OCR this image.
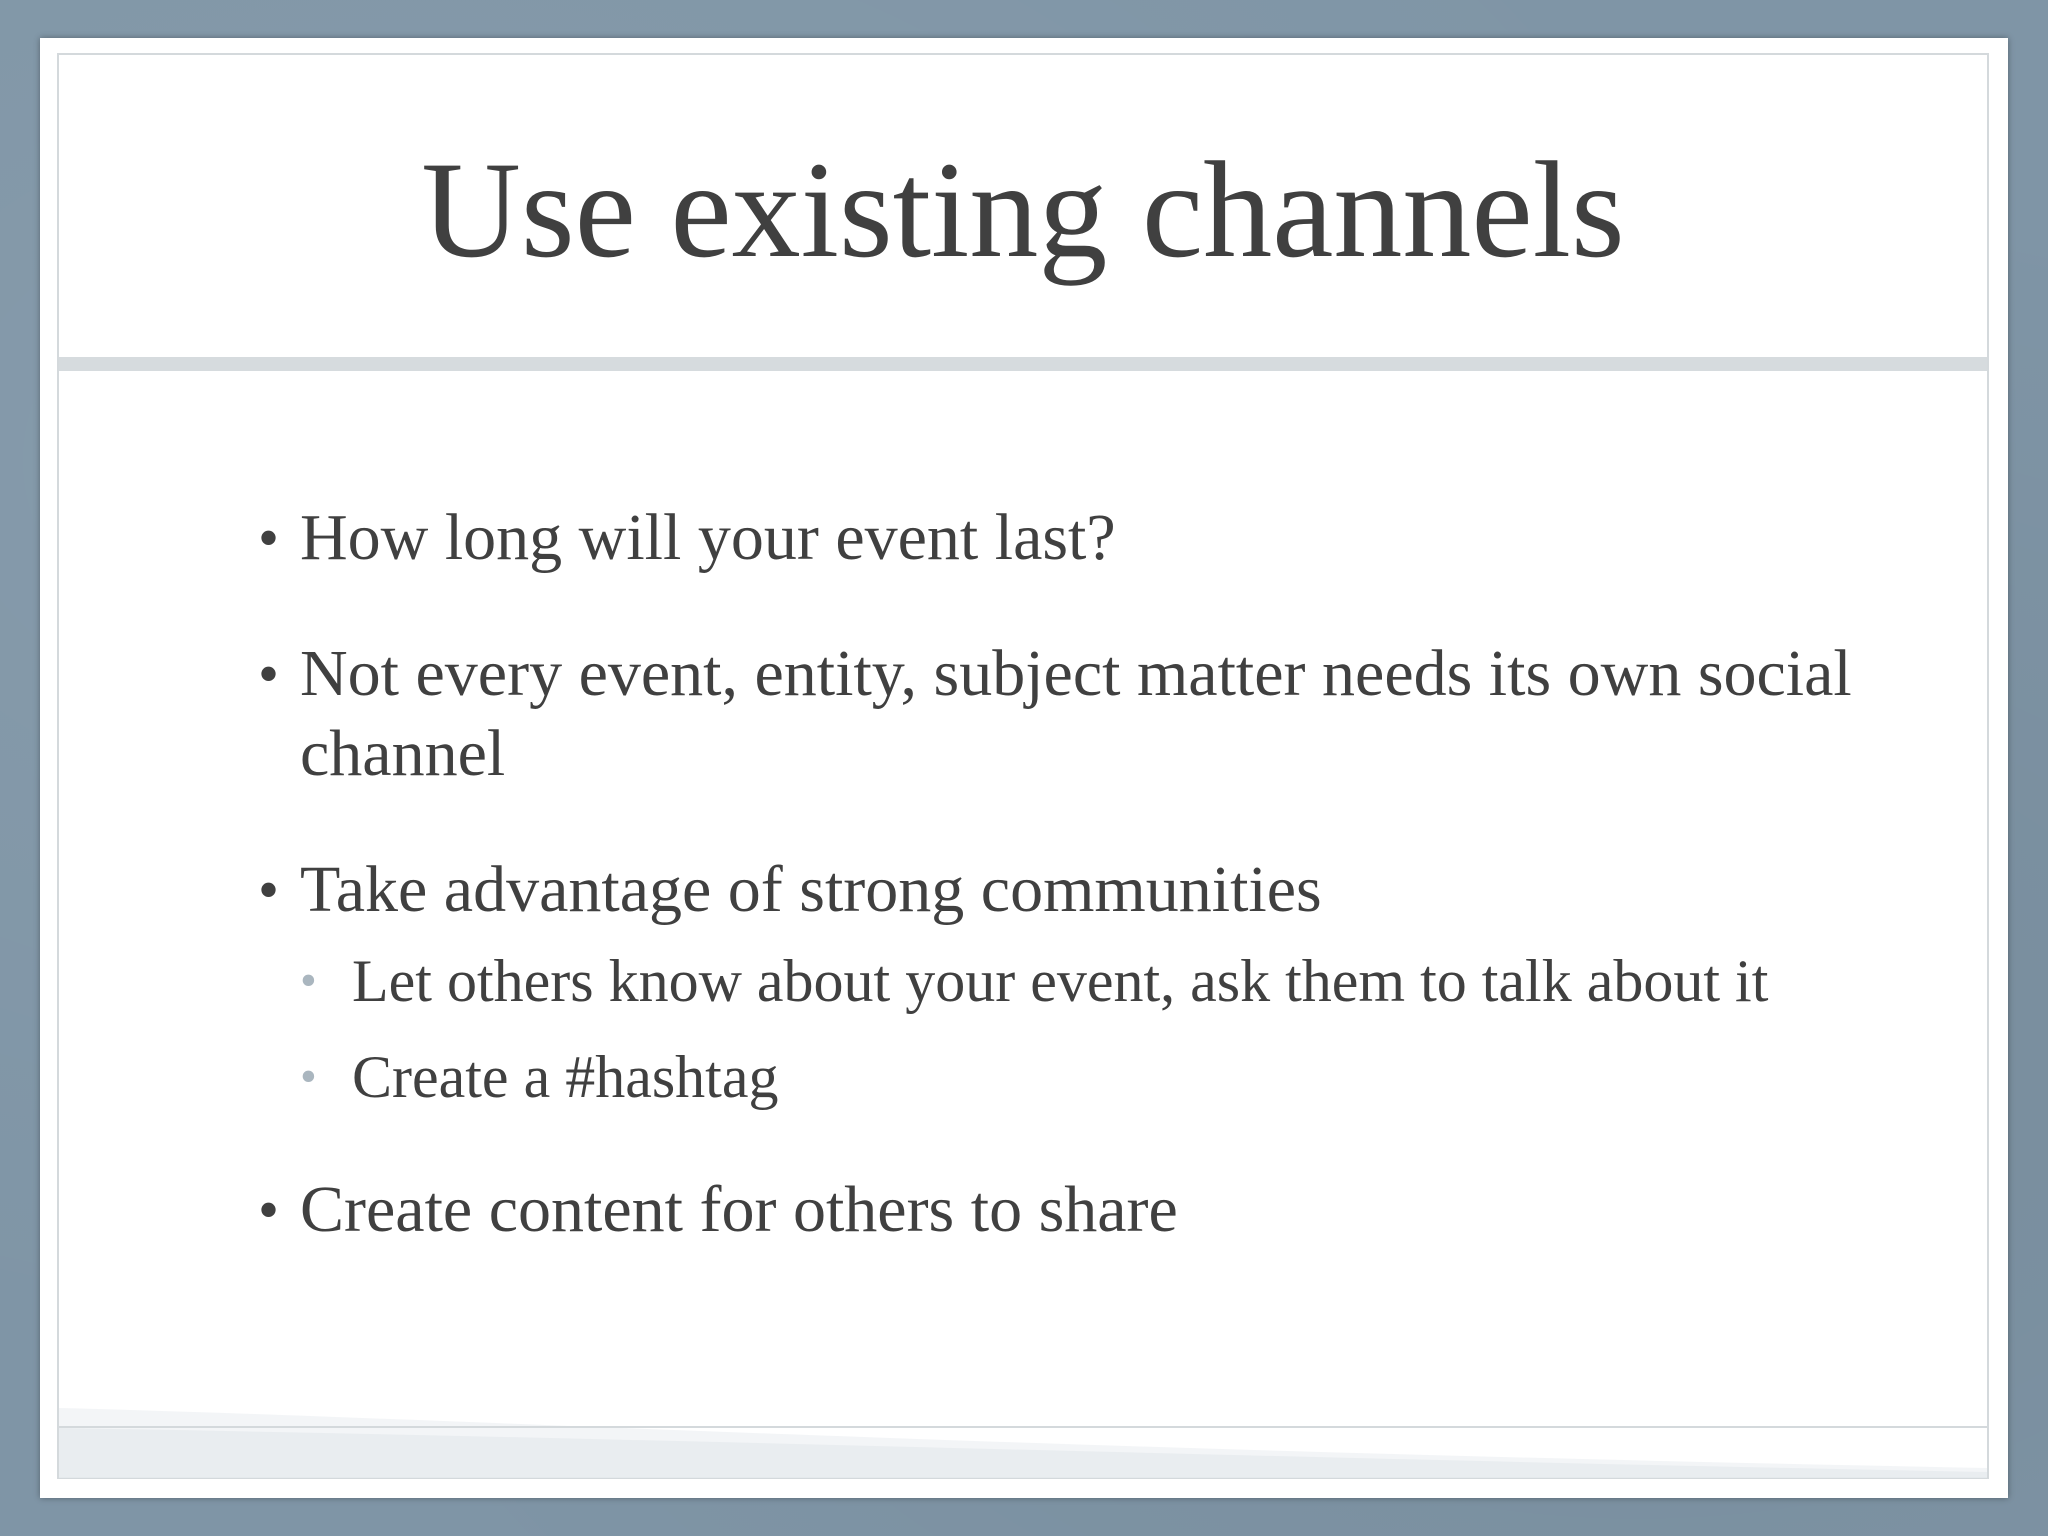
Use existing channels
• How long will your event last?
• Not every event, entity, subject matter needs its own social channel
• Take advantage of strong communities
• Let others know about your event, ask them to talk about it
• Create a #hashtag
• Create content for others to share
